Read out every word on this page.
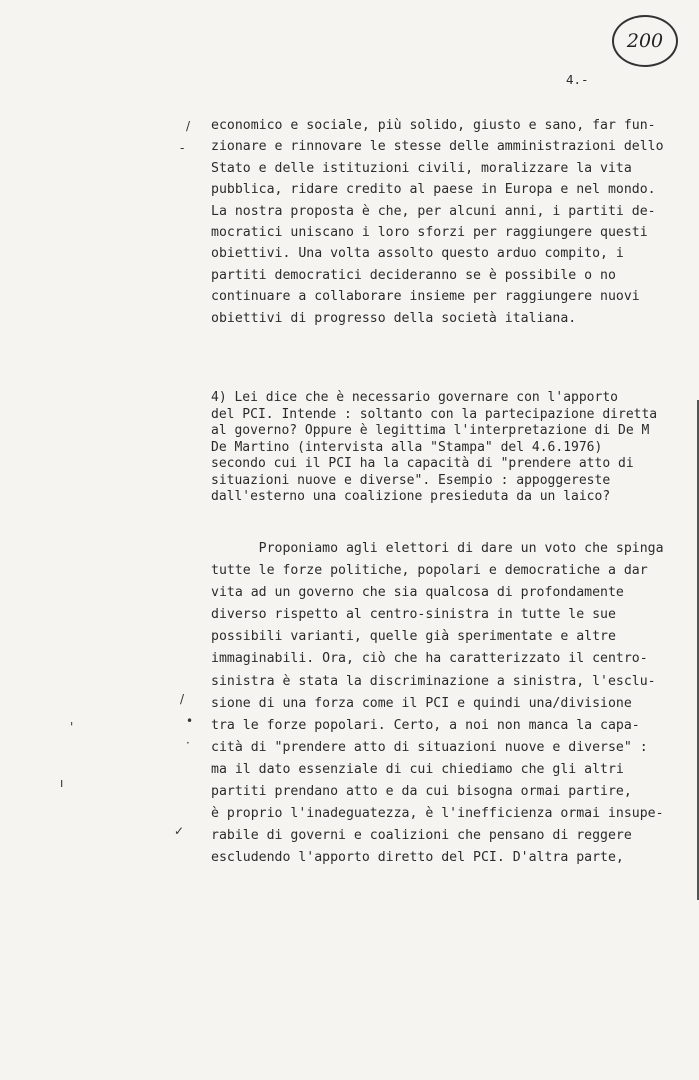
200
4.-
/
-
/
•
·
✓
ı
'
economico e sociale, più solido, giusto e sano, far fun-
zionare e rinnovare le stesse delle amministrazioni dello
Stato e delle istituzioni civili, moralizzare la vita
pubblica, ridare credito al paese in Europa e nel mondo.
La nostra proposta è che, per alcuni anni, i partiti de-
mocratici uniscano i loro sforzi per raggiungere questi
obiettivi. Una volta assolto questo arduo compito, i
partiti democratici decideranno se è possibile o no
continuare a collaborare insieme per raggiungere nuovi
obiettivi di progresso della società italiana.
4) Lei dice che è necessario governare con l'apporto
del PCI. Intende : soltanto con la partecipazione diretta
al governo? Oppure è legittima l'interpretazione di De M
De Martino (intervista alla "Stampa" del 4.6.1976)
secondo cui il PCI ha la capacità di "prendere atto di
situazioni nuove e diverse". Esempio : appoggereste
dall'esterno una coalizione presieduta da un laico?
Proponiamo agli elettori di dare un voto che spinga
tutte le forze politiche, popolari e democratiche a dar
vita ad un governo che sia qualcosa di profondamente
diverso rispetto al centro-sinistra in tutte le sue
possibili varianti, quelle già sperimentate e altre
immaginabili. Ora, ciò che ha caratterizzato il centro-
sinistra è stata la discriminazione a sinistra, l'esclu-
sione di una forza come il PCI e quindi una/divisione
tra le forze popolari. Certo, a noi non manca la capa-
cità di "prendere atto di situazioni nuove e diverse" :
ma il dato essenziale di cui chiediamo che gli altri
partiti prendano atto e da cui bisogna ormai partire,
è proprio l'inadeguatezza, è l'inefficienza ormai insupe-
rabile di governi e coalizioni che pensano di reggere
escludendo l'apporto diretto del PCI. D'altra parte,
